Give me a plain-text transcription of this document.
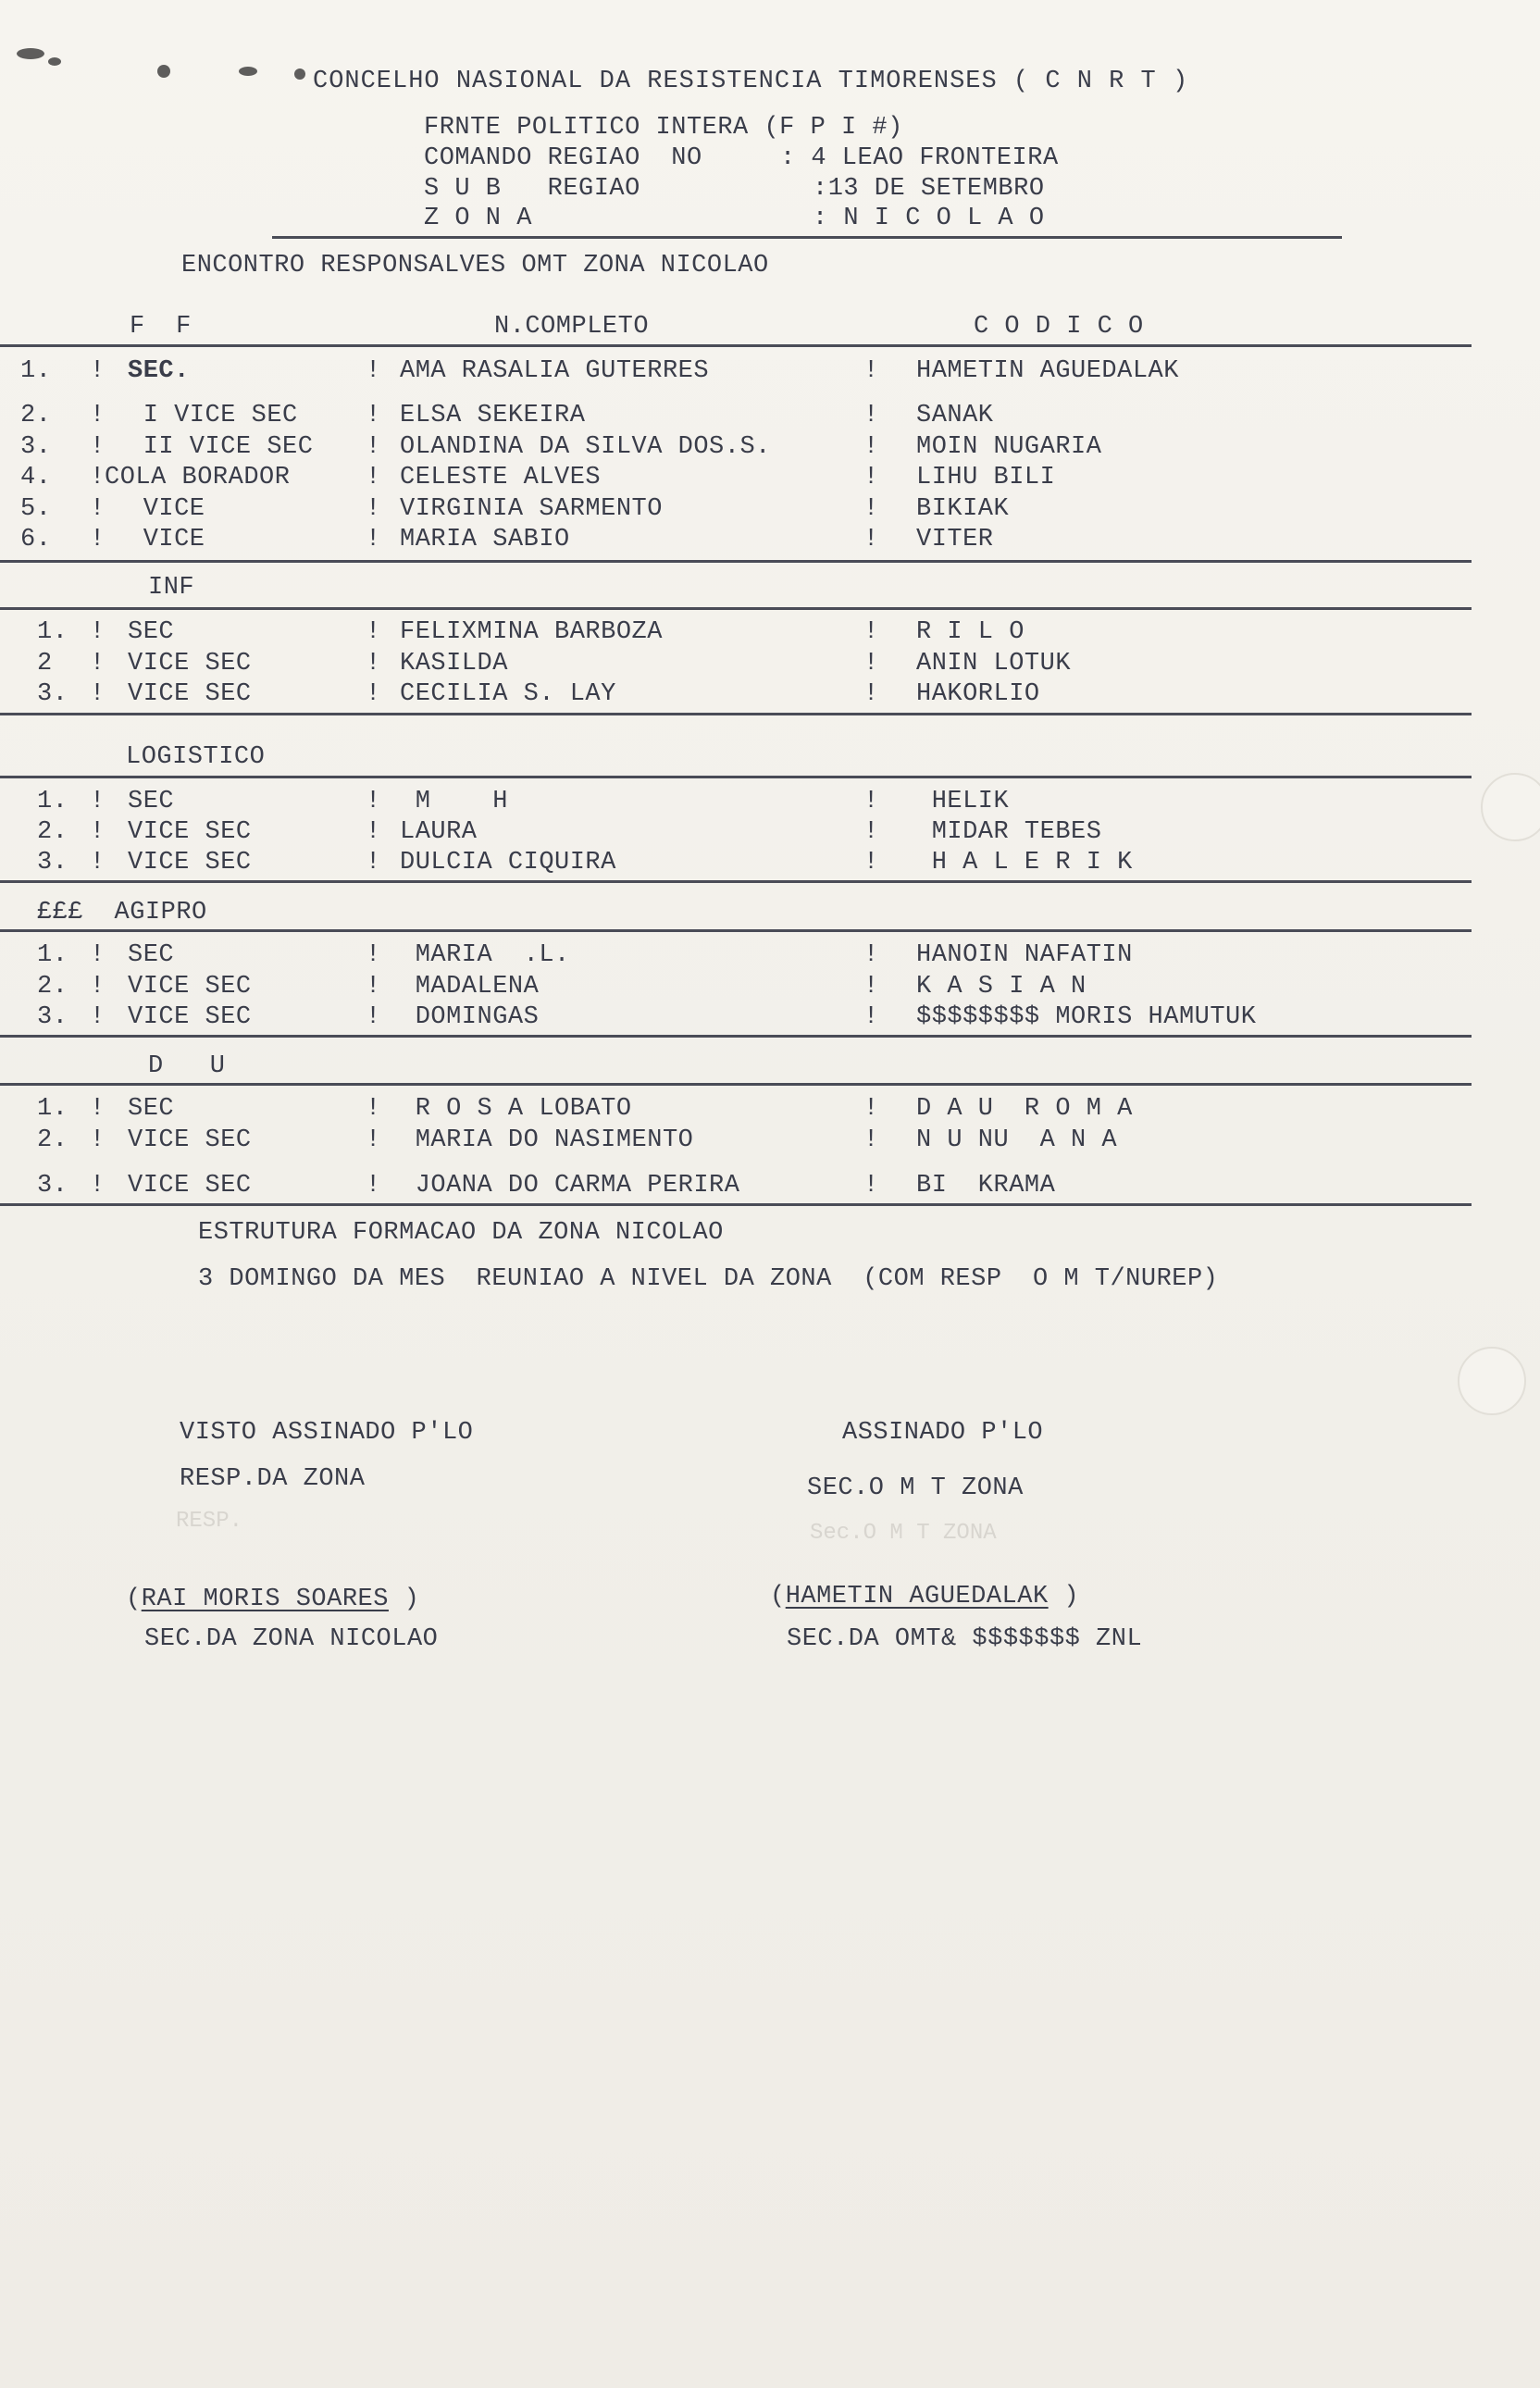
CONCELHO NASIONAL DA RESISTENCIA TIMORENSES ( C N R T )
FRNTE POLITICO INTERA (F P I #)
COMANDO REGIAO  NO	: 4 LEAO FRONTEIRA
S U B   REGIAO	:13 DE SETEMBRO
Z O N A	: N I C O L A O
ENCONTRO RESPONSALVES OMT ZONA NICOLAO
F  F	N.COMPLETO	C O D I C O
1. ! SEC.	! AMA RASALIA GUTERRES	! HAMETIN AGUEDALAK
2. ! I VICE SEC	! ELSA SEKEIRA	! SANAK
3. ! II VICE SEC ! OLANDINA DA SILVA DOS.S.	! MOIN NUGARIA
4. ! COLA BORADOR	! CELESTE ALVES	! LIHU BILI
5. ! VICE	! VIRGINIA SARMENTO	! BIKIAK
6. ! VICE	! MARIA SABIO	! VITER
INF
1. ! SEC	! FELIXMINA BARBOZA	! R I L O
2 ! VICE SEC	! KASILDA	! ANIN LOTUK
3. ! VICE SEC	! CECILIA S. LAY	! HAKORLIO
LOGISTICO
1. ! SEC	! M    H	! HELIK
2. ! VICE SEC	! LAURA	! MIDAR TEBES
3. ! VICE SEC	! DULCIA CIQUIRA	! H A L E R I K
£££  AGIPRO
1. ! SEC	! MARIA  .L.	! HANOIN NAFATIN
2. ! VICE SEC	! MADALENA	! K A S I A N
3. ! VICE SEC	! DOMINGAS	! $$$$$$$$ MORIS HAMUTUK
D   U
1. ! SEC	! R O S A LOBATO	! D A U  R O M A
2. ! VICE SEC	! MARIA DO NASIMENTO	! N U NU  A N A
3. ! VICE SEC	! JOANA DO CARMA PERIRA	! BI  KRAMA
ESTRUTURA FORMACAO DA ZONA NICOLAO
3 DOMINGO DA MES  REUNIAO A NIVEL DA ZONA  (COM RESP  O M T/NUREP)
VISTO ASSINADO P'LO
RESP.DA ZONA
ASSINADO P'LO
SEC.O M T ZONA
Sec.O M T ZONA
RESP.
(RAI MORIS SOARES )
SEC.DA ZONA NICOLAO
(HAMETIN AGUEDALAK )
SEC.DA OMT& $$$$$$$ ZNL
